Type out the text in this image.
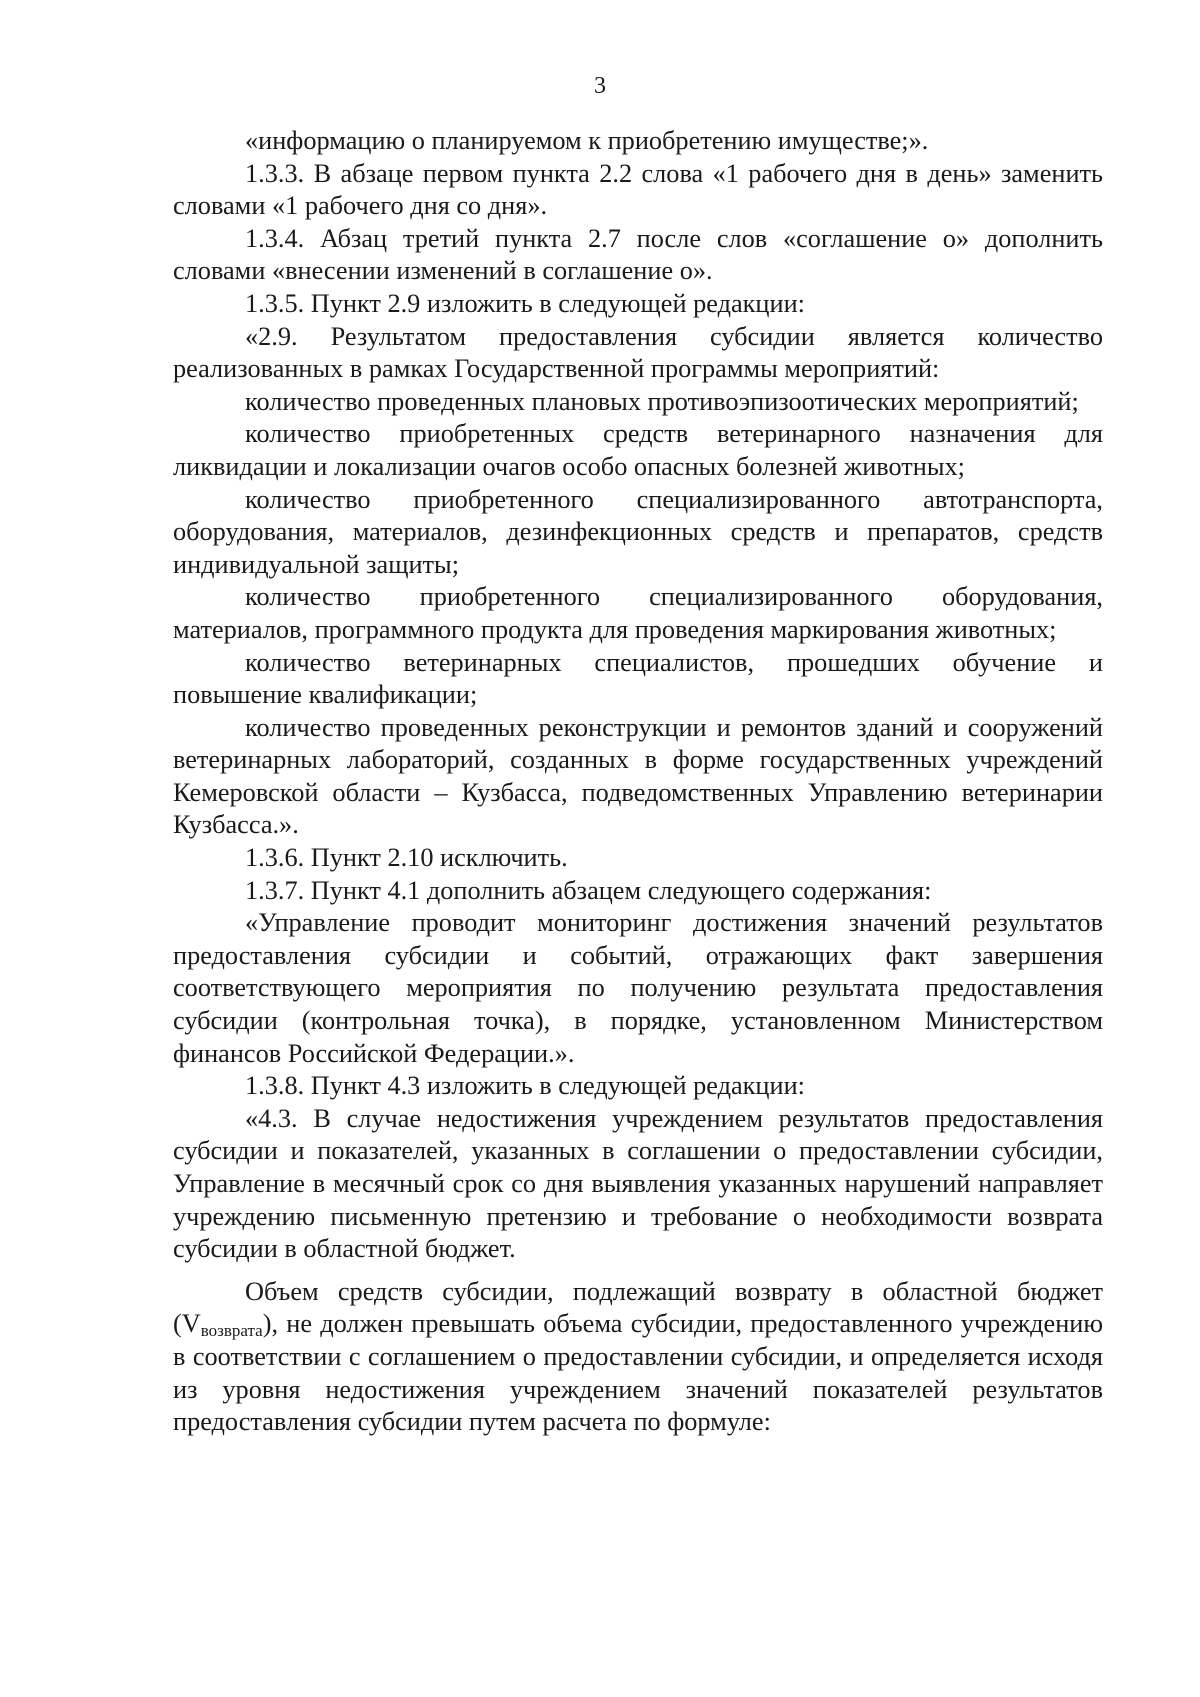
3

«информацию о планируемом к приобретению имуществе;».

1.3.3. В абзаце первом пункта 2.2 слова «1 рабочего дня в день» заменить словами «1 рабочего дня со дня».

1.3.4. Абзац третий пункта 2.7 после слов «соглашение о» дополнить словами «внесении изменений в соглашение о».

1.3.5. Пункт 2.9 изложить в следующей редакции:

«2.9. Результатом предоставления субсидии является количество реализованных в рамках Государственной программы мероприятий:

количество проведенных плановых противоэпизоотических мероприятий;

количество приобретенных средств ветеринарного назначения для ликвидации и локализации очагов особо опасных болезней животных;

количество приобретенного специализированного автотранспорта, оборудования, материалов, дезинфекционных средств и препаратов, средств индивидуальной защиты;

количество приобретенного специализированного оборудования, материалов, программного продукта для проведения маркирования животных;

количество ветеринарных специалистов, прошедших обучение и повышение квалификации;

количество проведенных реконструкции и ремонтов зданий и сооружений ветеринарных лабораторий, созданных в форме государственных учреждений Кемеровской области – Кузбасса, подведомственных Управлению ветеринарии Кузбасса.».

1.3.6. Пункт 2.10 исключить.

1.3.7. Пункт 4.1 дополнить абзацем следующего содержания:

«Управление проводит мониторинг достижения значений результатов предоставления субсидии и событий, отражающих факт завершения соответствующего мероприятия по получению результата предоставления субсидии (контрольная точка), в порядке, установленном Министерством финансов Российской Федерации.».

1.3.8. Пункт 4.3 изложить в следующей редакции:

«4.3. В случае недостижения учреждением результатов предоставления субсидии и показателей, указанных в соглашении о предоставлении субсидии, Управление в месячный срок со дня выявления указанных нарушений направляет учреждению письменную претензию и требование о необходимости возврата субсидии в областной бюджет.

Объем средств субсидии, подлежащий возврату в областной бюджет $(V_{возврата})$, не должен превышать объема субсидии, предоставленного учреждению в соответствии с соглашением о предоставлении субсидии, и определяется исходя из уровня недостижения учреждением значений показателей результатов предоставления субсидии путем расчета по формуле:
